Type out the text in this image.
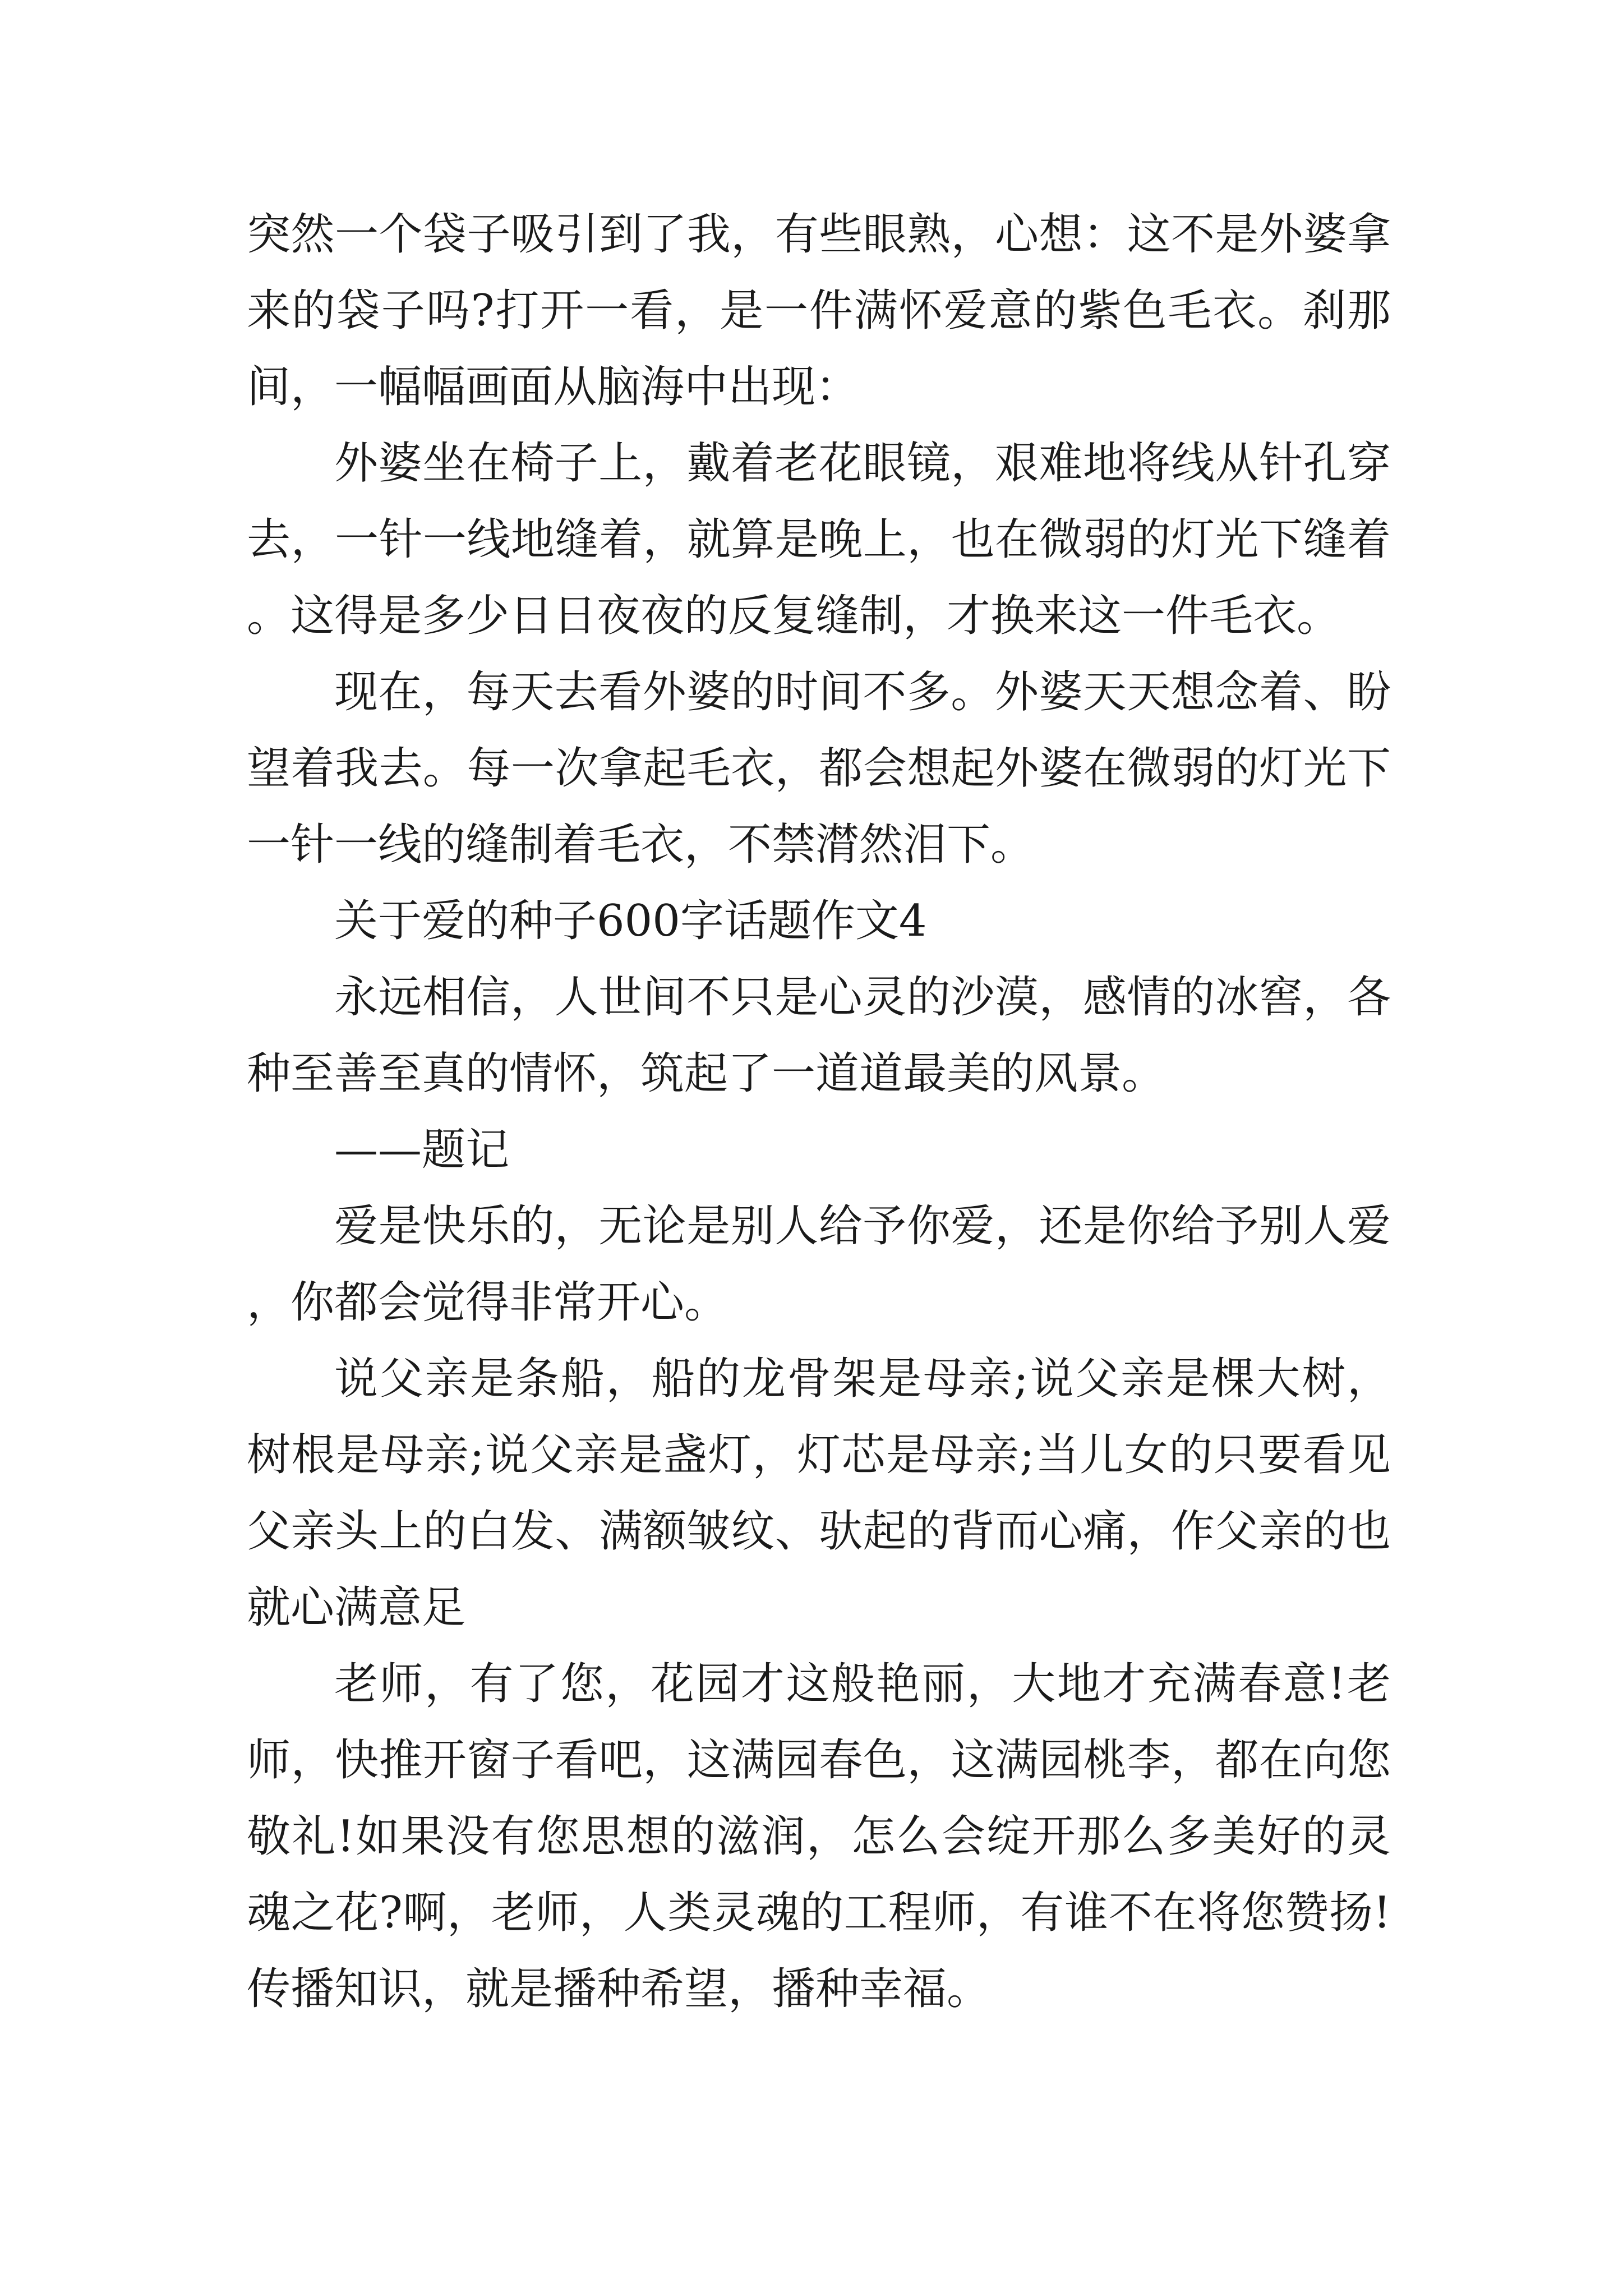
突然一个袋子吸引到了我，有些眼熟，心想：这不是外婆拿来的袋子吗?打开一看，是一件满怀爱意的紫色毛衣。刹那间，一幅幅画面从脑海中出现：

外婆坐在椅子上，戴着老花眼镜，艰难地将线从针孔穿去，一针一线地缝着，就算是晚上，也在微弱的灯光下缝着。这得是多少日日夜夜的反复缝制，才换来这一件毛衣。

现在，每天去看外婆的时间不多。外婆天天想念着、盼望着我去。每一次拿起毛衣，都会想起外婆在微弱的灯光下一针一线的缝制着毛衣，不禁潸然泪下。

关于爱的种子600字话题作文4

永远相信，人世间不只是心灵的沙漠，感情的冰窖，各种至善至真的情怀，筑起了一道道最美的风景。

——题记

爱是快乐的，无论是别人给予你爱，还是你给予别人爱，你都会觉得非常开心。

说父亲是条船，船的龙骨架是母亲;说父亲是棵大树，树根是母亲;说父亲是盏灯，灯芯是母亲;当儿女的只要看见父亲头上的白发、满额皱纹、驮起的背而心痛，作父亲的也就心满意足

老师，有了您，花园才这般艳丽，大地才充满春意!老师，快推开窗子看吧，这满园春色，这满园桃李，都在向您敬礼!如果没有您思想的滋润，怎么会绽开那么多美好的灵魂之花?啊，老师，人类灵魂的工程师，有谁不在将您赞扬!传播知识，就是播种希望，播种幸福。
